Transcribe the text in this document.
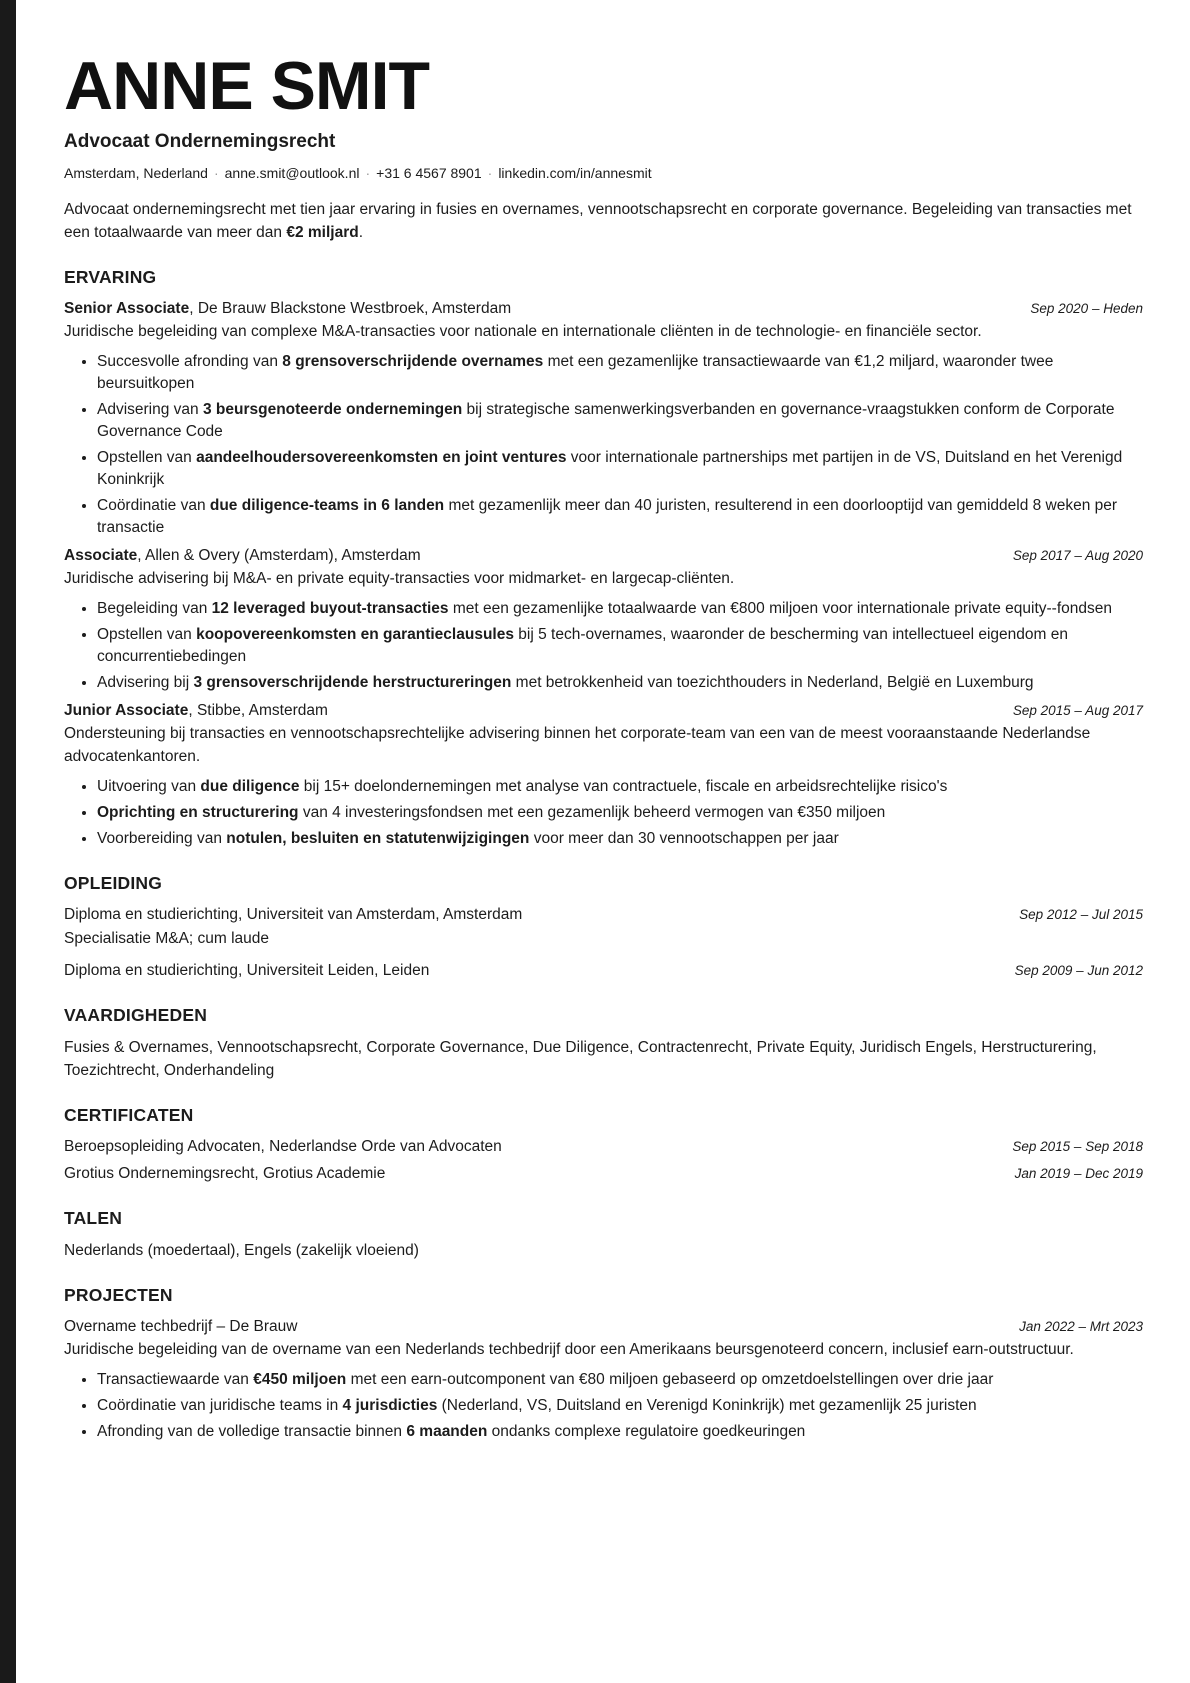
ANNE SMIT
Advocaat Ondernemingsrecht
Amsterdam, Nederland · anne.smit@outlook.nl · +31 6 4567 8901 · linkedin.com/in/annesmit
Advocaat ondernemingsrecht met tien jaar ervaring in fusies en overnames, vennootschapsrecht en corporate governance. Begeleiding van transacties met een totaalwaarde van meer dan €2 miljard.
ERVARING
Senior Associate, De Brauw Blackstone Westbroek, Amsterdam	Sep 2020 – Heden
Juridische begeleiding van complexe M&A-transacties voor nationale en internationale cliënten in de technologie- en financiële sector.
• Succesvolle afronding van 8 grensoverschrijdende overnames met een gezamenlijke transactiewaarde van €1,2 miljard, waaronder twee beursuitkopen
• Advisering van 3 beursgenoteerde ondernemingen bij strategische samenwerkingsverbanden en governance-vraagstukken conform de Corporate Governance Code
• Opstellen van aandeelhoudersovereenkomsten en joint ventures voor internationale partnerships met partijen in de VS, Duitsland en het Verenigd Koninkrijk
• Coördinatie van due diligence-teams in 6 landen met gezamenlijk meer dan 40 juristen, resulterend in een doorlooptijd van gemiddeld 8 weken per transactie
Associate, Allen & Overy (Amsterdam), Amsterdam	Sep 2017 – Aug 2020
Juridische advisering bij M&A- en private equity-transacties voor midmarket- en largecap-cliënten.
• Begeleiding van 12 leveraged buyout-transacties met een gezamenlijke totaalwaarde van €800 miljoen voor internationale private equity--fondsen
• Opstellen van koopovereenkomsten en garantieclausules bij 5 tech-overnames, waaronder de bescherming van intellectueel eigendom en concurrentiebedingen
• Advisering bij 3 grensoverschrijdende herstructureringen met betrokkenheid van toezichthouders in Nederland, België en Luxemburg
Junior Associate, Stibbe, Amsterdam	Sep 2015 – Aug 2017
Ondersteuning bij transacties en vennootschapsrechtelijke advisering binnen het corporate-team van een van de meest vooraanstaande Nederlandse advocatenkantoren.
• Uitvoering van due diligence bij 15+ doelondernemingen met analyse van contractuele, fiscale en arbeidsrechtelijke risico's
• Oprichting en structurering van 4 investeringsfondsen met een gezamenlijk beheerd vermogen van €350 miljoen
• Voorbereiding van notulen, besluiten en statutenwijzigingen voor meer dan 30 vennootschappen per jaar
OPLEIDING
Diploma en studierichting, Universiteit van Amsterdam, Amsterdam	Sep 2012 – Jul 2015
Specialisatie M&A; cum laude
Diploma en studierichting, Universiteit Leiden, Leiden	Sep 2009 – Jun 2012
VAARDIGHEDEN
Fusies & Overnames, Vennootschapsrecht, Corporate Governance, Due Diligence, Contractenrecht, Private Equity, Juridisch Engels, Herstructurering, Toezichtrecht, Onderhandeling
CERTIFICATEN
Beroepsopleiding Advocaten, Nederlandse Orde van Advocaten	Sep 2015 – Sep 2018
Grotius Ondernemingsrecht, Grotius Academie	Jan 2019 – Dec 2019
TALEN
Nederlands (moedertaal), Engels (zakelijk vloeiend)
PROJECTEN
Overname techbedrijf – De Brauw	Jan 2022 – Mrt 2023
Juridische begeleiding van de overname van een Nederlands techbedrijf door een Amerikaans beursgenoteerd concern, inclusief earn-outstructuur.
• Transactiewaarde van €450 miljoen met een earn-outcomponent van €80 miljoen gebaseerd op omzetdoelstellingen over drie jaar
• Coördinatie van juridische teams in 4 jurisdicties (Nederland, VS, Duitsland en Verenigd Koninkrijk) met gezamenlijk 25 juristen
• Afronding van de volledige transactie binnen 6 maanden ondanks complexe regulatoire goedkeuringen
